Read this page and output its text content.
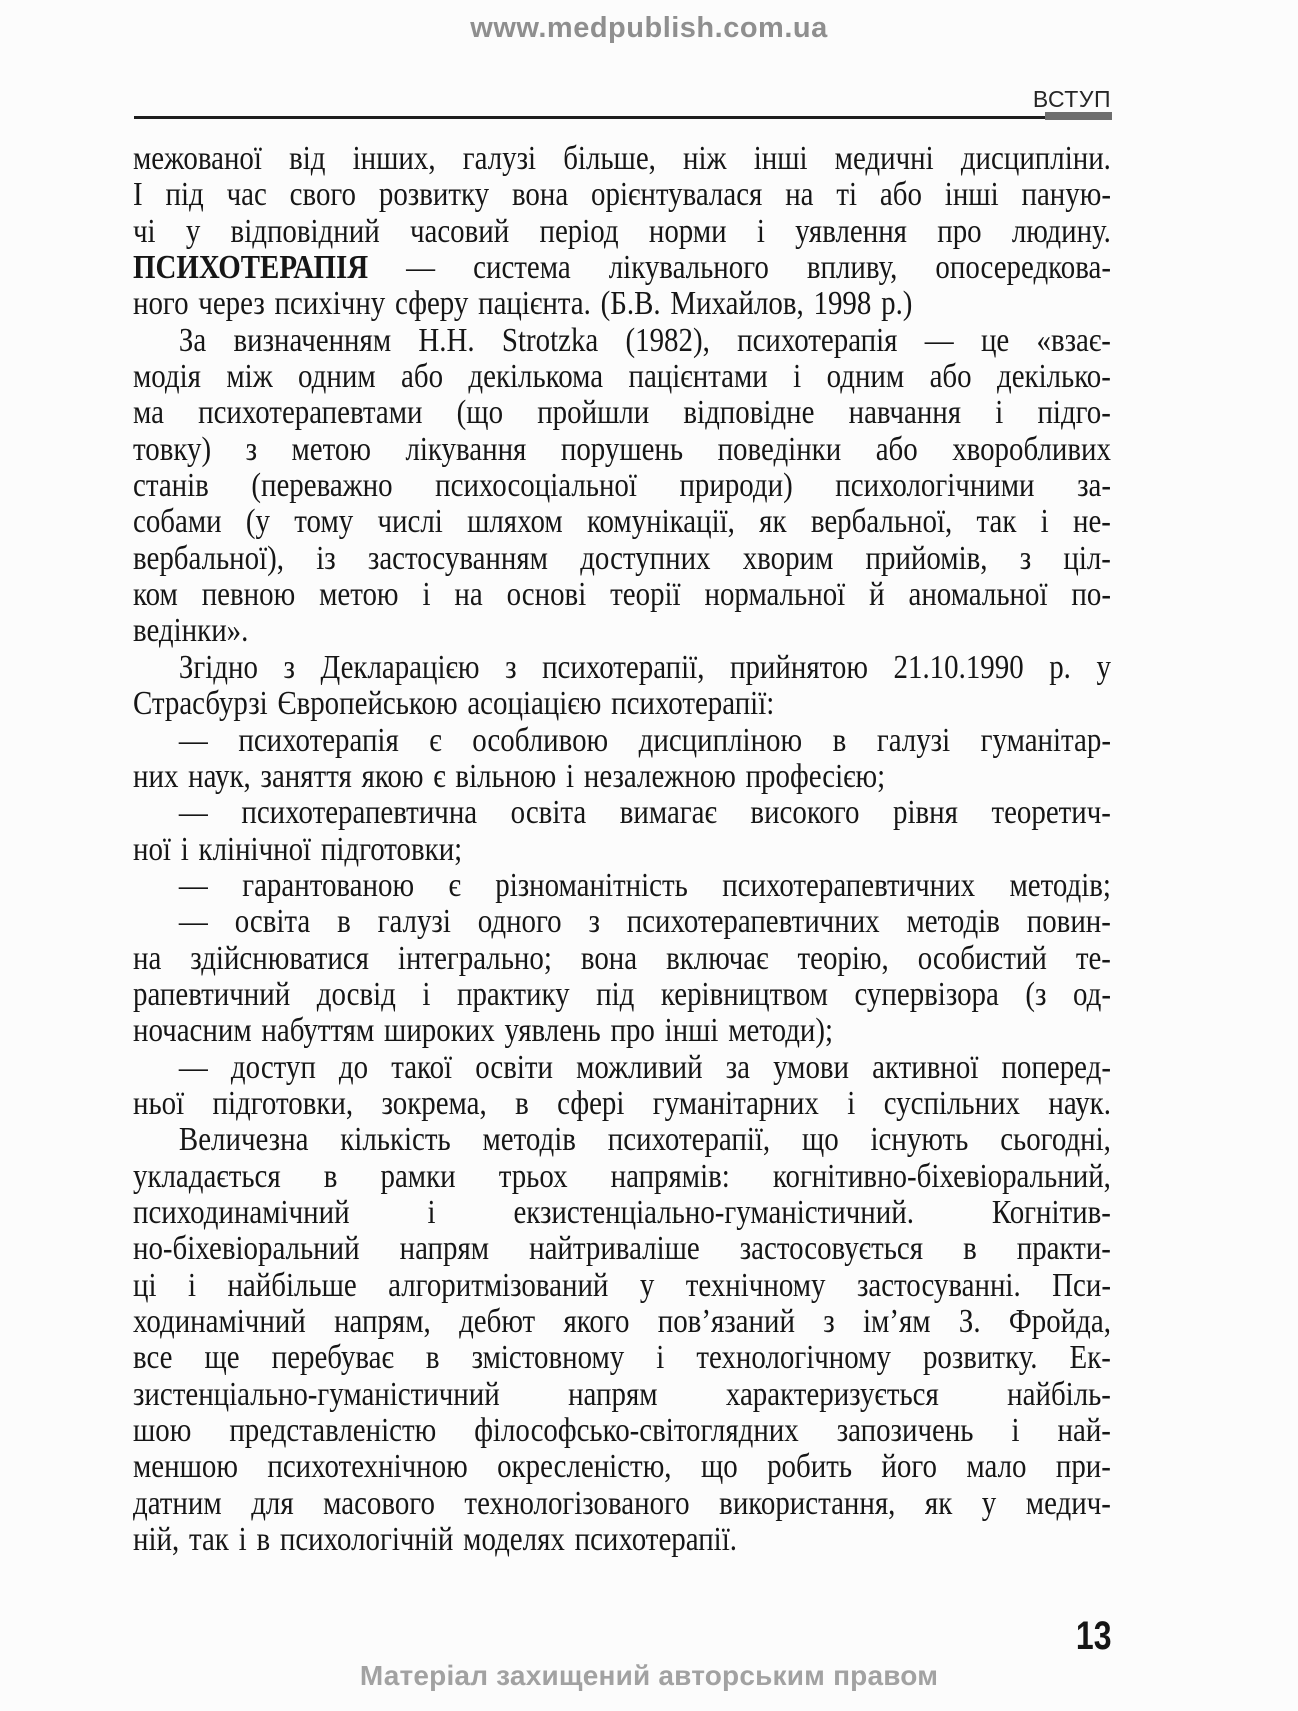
www.medpublish.com.ua
ВСТУП
межованої від інших, галузі більше, ніж інші медичні дисципліни.
І під час свого розвитку вона орієнтувалася на ті або інші паную-
чі у відповідний часовий період норми і уявлення про людину.
ПСИХОТЕРАПІЯ — система лікувального впливу, опосередкова-
ного через психічну сферу пацієнта. (Б.В. Михайлов, 1998 р.)
За визначенням Н.Н. Strotzka (1982), психотерапія — це «взає-
модія між одним або декількома пацієнтами і одним або декілько-
ма психотерапевтами (що пройшли відповідне навчання і підго-
товку) з метою лікування порушень поведінки або хворобливих
станів (переважно психосоціальної природи) психологічними за-
собами (у тому числі шляхом комунікації, як вербальної, так і не-
вербальної), із застосуванням доступних хворим прийомів, з ціл-
ком певною метою і на основі теорії нормальної й аномальної по-
ведінки».
Згідно з Декларацією з психотерапії, прийнятою 21.10.1990 р. у
Страсбурзі Європейською асоціацією психотерапії:
— психотерапія є особливою дисципліною в галузі гуманітар-
них наук, заняття якою є вільною і незалежною професією;
— психотерапевтична освіта вимагає високого рівня теоретич-
ної і клінічної підготовки;
— гарантованою є різноманітність психотерапевтичних методів;
— освіта в галузі одного з психотерапевтичних методів повин-
на здійснюватися інтегрально; вона включає теорію, особистий те-
рапевтичний досвід і практику під керівництвом супервізора (з од-
ночасним набуттям широких уявлень про інші методи);
— доступ до такої освіти можливий за умови активної поперед-
ньої підготовки, зокрема, в сфері гуманітарних і суспільних наук.
Величезна кількість методів психотерапії, що існують сьогодні,
укладається в рамки трьох напрямів: когнітивно-біхевіоральний,
психодинамічний і екзистенціально-гуманістичний. Когнітив-
но-біхевіоральний напрям найтриваліше застосовується в практи-
ці і найбільше алгоритмізований у технічному застосуванні. Пси-
ходинамічний напрям, дебют якого пов’язаний з ім’ям З. Фройда,
все ще перебуває в змістовному і технологічному розвитку. Ек-
зистенціально-гуманістичний напрям характеризується найбіль-
шою представленістю філософсько-світоглядних запозичень і най-
меншою психотехнічною окресленістю, що робить його мало при-
датним для масового технологізованого використання, як у медич-
ній, так і в психологічній моделях психотерапії.
13
Матеріал захищений авторським правом
